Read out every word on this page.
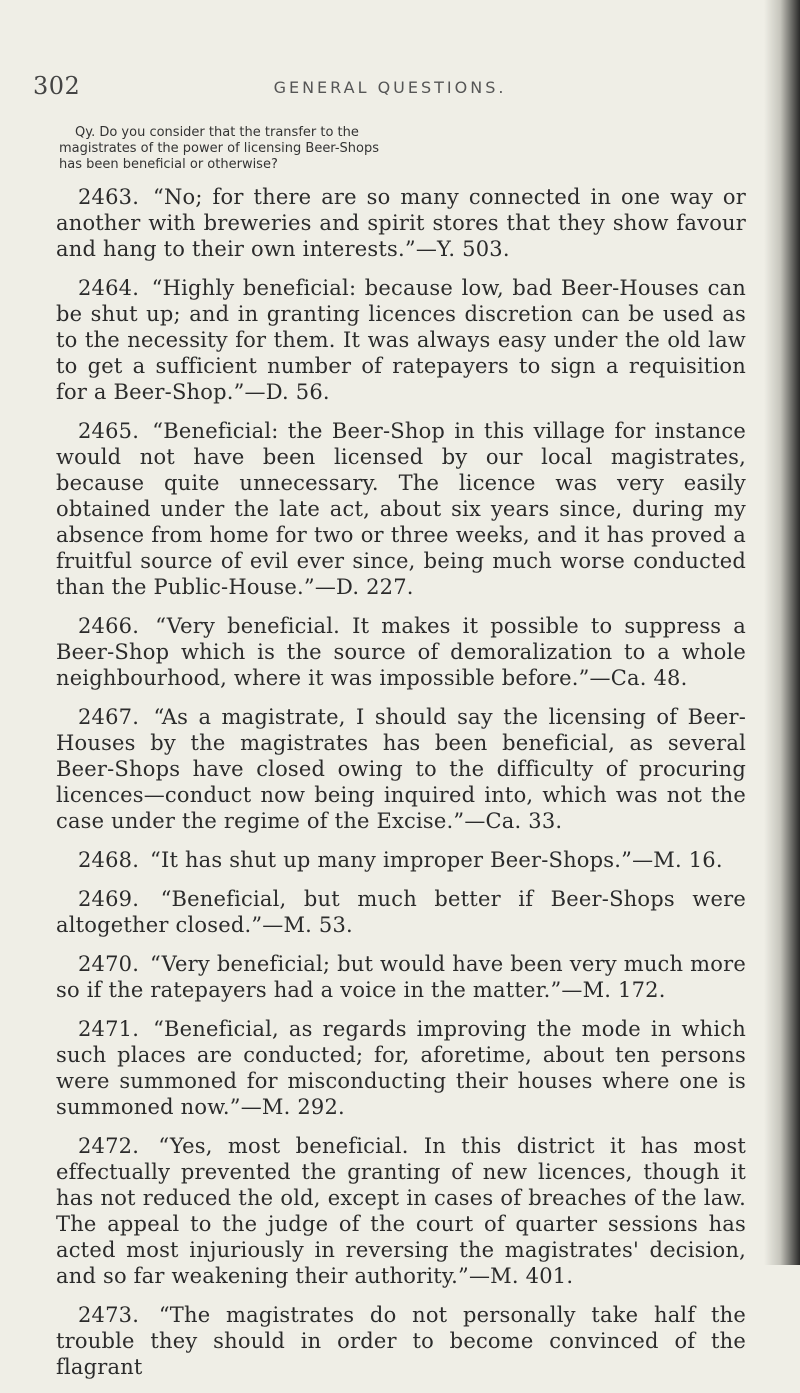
302	GENERAL QUESTIONS.
Qy. Do you consider that the transfer to the magistrates of the power of licensing Beer-Shops has been beneficial or otherwise?

2463. “No; for there are so many connected in one way or another with breweries and spirit stores that they show favour and hang to their own interests.”—Y. 503.

2464. “Highly beneficial: because low, bad Beer-Houses can be shut up; and in granting licences discretion can be used as to the necessity for them. It was always easy under the old law to get a sufficient number of ratepayers to sign a requisition for a Beer-Shop.”—D. 56.

2465. “Beneficial: the Beer-Shop in this village for instance would not have been licensed by our local magistrates, because quite unnecessary. The licence was very easily obtained under the late act, about six years since, during my absence from home for two or three weeks, and it has proved a fruitful source of evil ever since, being much worse conducted than the Public-House.”—D. 227.

2466. “Very beneficial. It makes it possible to suppress a Beer-Shop which is the source of demoralization to a whole neighbourhood, where it was impossible before.”—Ca. 48.

2467. “As a magistrate, I should say the licensing of Beer-Houses by the magistrates has been beneficial, as several Beer-Shops have closed owing to the difficulty of procuring licences—conduct now being inquired into, which was not the case under the regime of the Excise.”—Ca. 33.

2468. “It has shut up many improper Beer-Shops.”—M. 16.

2469. “Beneficial, but much better if Beer-Shops were altogether closed.”—M. 53.

2470. “Very beneficial; but would have been very much more so if the ratepayers had a voice in the matter.”—M. 172.

2471. “Beneficial, as regards improving the mode in which such places are conducted; for, aforetime, about ten persons were summoned for misconducting their houses where one is summoned now.”—M. 292.

2472. “Yes, most beneficial. In this district it has most effectually prevented the granting of new licences, though it has not reduced the old, except in cases of breaches of the law. The appeal to the judge of the court of quarter sessions has acted most injuriously in reversing the magistrates' decision, and so far weakening their authority.”—M. 401.

2473. “The magistrates do not personally take half the trouble they should in order to become convinced of the flagrant
